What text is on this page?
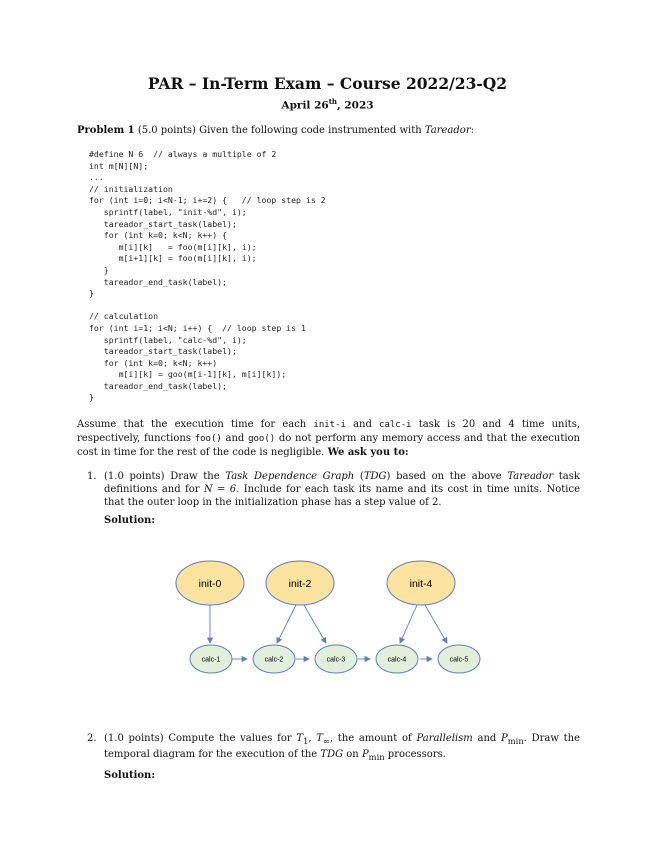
PAR – In-Term Exam – Course 2022/23-Q2
April 26th, 2023
Problem 1 (5.0 points) Given the following code instrumented with Tareador:
#define N 6  // always a multiple of 2
int m[N][N];
...
// initialization
for (int i=0; i<N-1; i+=2) {   // loop step is 2
sprintf(label, "init-%d", i);
tareador_start_task(label);
for (int k=0; k<N; k++) {
m[i][k]   = foo(m[i][k], i);
m[i+1][k] = foo(m[i][k], i);
}
tareador_end_task(label);
}

// calculation
for (int i=1; i<N; i++) {  // loop step is 1
sprintf(label, "calc-%d", i);
tareador_start_task(label);
for (int k=0; k<N; k++)
m[i][k] = goo(m[i-1][k], m[i][k]);
tareador_end_task(label);
}
Assume that the execution time for each init-i and calc-i task is 20 and 4 time units, respectively, functions foo() and goo() do not perform any memory access and that the execution cost in time for the rest of the code is negligible. We ask you to:
1. (1.0 points) Draw the Task Dependence Graph (TDG) based on the above Tareador task definitions and for N = 6. Include for each task its name and its cost in time units. Notice that the outer loop in the initialization phase has a step value of 2.
Solution:
init-0	init-2	init-4
calc-1	calc-2	calc-3	calc-4	calc-5
2. (1.0 points) Compute the values for $T_1$, $T_\infty$, the amount of Parallelism and $P_{min}$. Draw the temporal diagram for the execution of the TDG on $P_{min}$ processors.
Solution:
